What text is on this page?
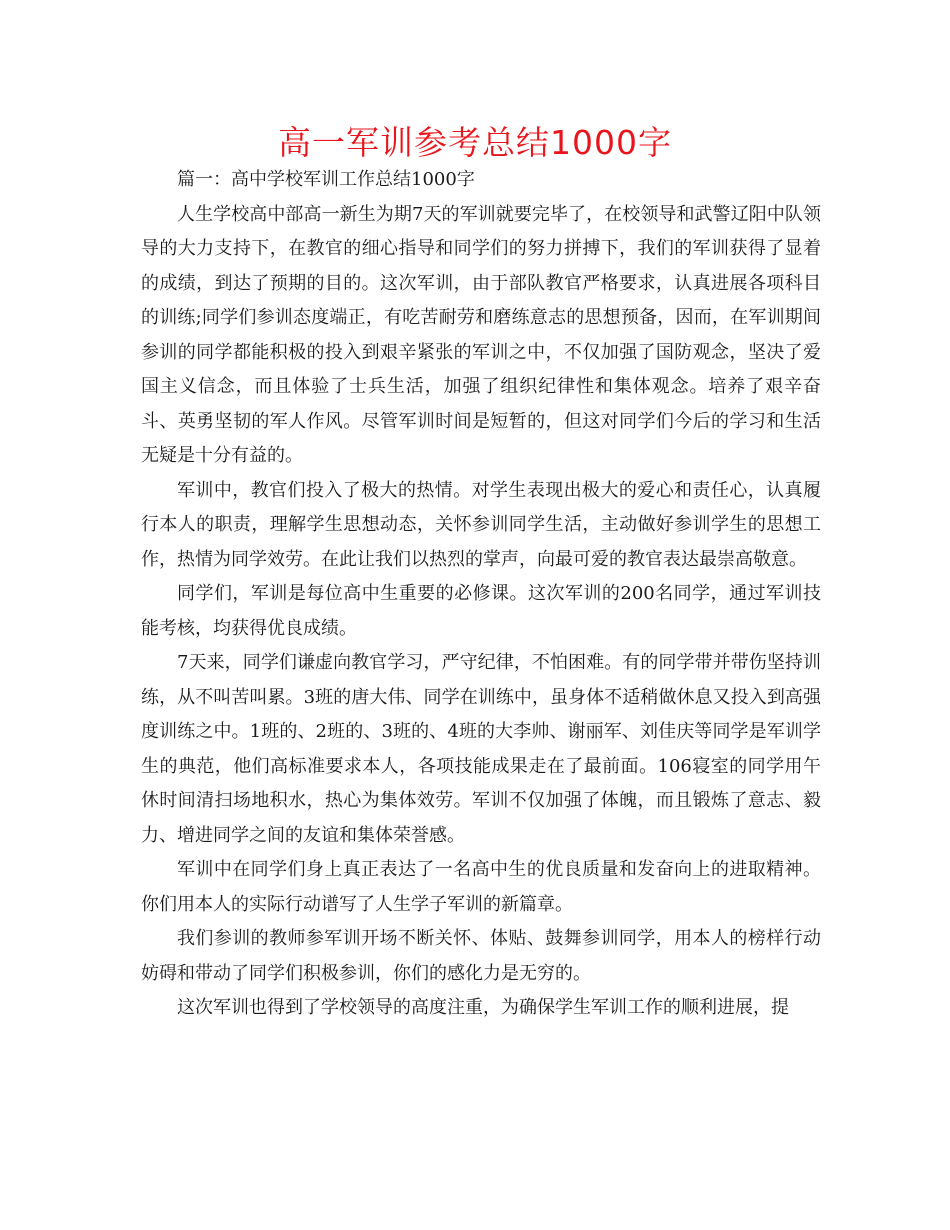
高一军训参考总结1000字

篇一：高中学校军训工作总结1000字

人生学校高中部高一新生为期7天的军训就要完毕了，在校领导和武警辽阳中队领导的大力支持下，在教官的细心指导和同学们的努力拼搏下，我们的军训获得了显着的成绩，到达了预期的目的。这次军训，由于部队教官严格要求，认真进展各项科目的训练;同学们参训态度端正，有吃苦耐劳和磨练意志的思想预备，因而，在军训期间参训的同学都能积极的投入到艰辛紧张的军训之中，不仅加强了国防观念，坚决了爱国主义信念，而且体验了士兵生活，加强了组织纪律性和集体观念。培养了艰辛奋斗、英勇坚韧的军人作风。尽管军训时间是短暂的，但这对同学们今后的学习和生活无疑是十分有益的。

军训中，教官们投入了极大的热情。对学生表现出极大的爱心和责任心，认真履行本人的职责，理解学生思想动态，关怀参训同学生活，主动做好参训学生的思想工作，热情为同学效劳。在此让我们以热烈的掌声，向最可爱的教官表达最崇高敬意。

同学们，军训是每位高中生重要的必修课。这次军训的200名同学，通过军训技能考核，均获得优良成绩。

7天来，同学们谦虚向教官学习，严守纪律，不怕困难。有的同学带并带伤坚持训练，从不叫苦叫累。3班的唐大伟、同学在训练中，虽身体不适稍做休息又投入到高强度训练之中。1班的、2班的、3班的、4班的大李帅、谢丽军、刘佳庆等同学是军训学生的典范，他们高标准要求本人，各项技能成果走在了最前面。106寝室的同学用午休时间清扫场地积水，热心为集体效劳。军训不仅加强了体魄，而且锻炼了意志、毅力、增进同学之间的友谊和集体荣誉感。

军训中在同学们身上真正表达了一名高中生的优良质量和发奋向上的进取精神。你们用本人的实际行动谱写了人生学子军训的新篇章。

我们参训的教师参军训开场不断关怀、体贴、鼓舞参训同学，用本人的榜样行动妨碍和带动了同学们积极参训，你们的感化力是无穷的。

这次军训也得到了学校领导的高度注重，为确保学生军训工作的顺利进展，提
